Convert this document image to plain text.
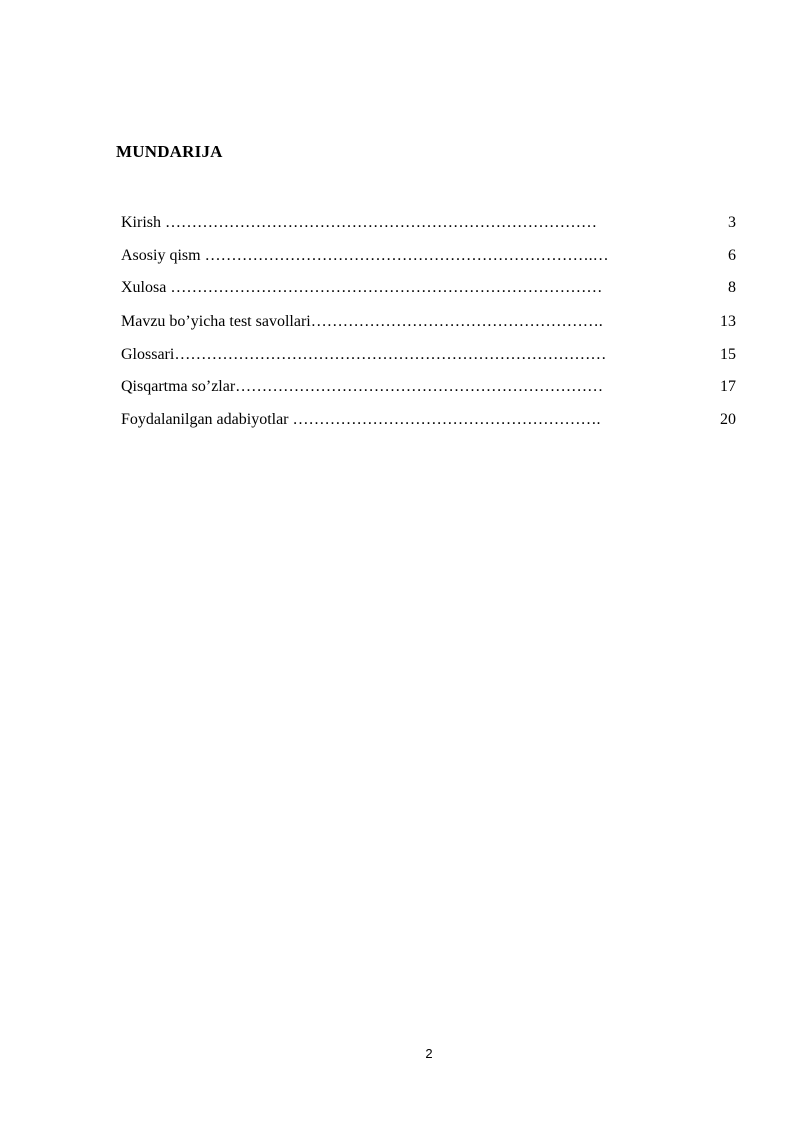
MUNDARIJA
Kirish ………………………………………………………………………	3
Asosiy qism ……………………………………………………………….…	6
Xulosa ………………………………………………………………………	8
Mavzu bo’yicha test savollari……………………………………………….	13
Glossari………………………………………………………………………	15
Qisqartma so’zlar……………………………………………………………	17
Foydalanilgan adabiyotlar ………………………………………………….	20
2
